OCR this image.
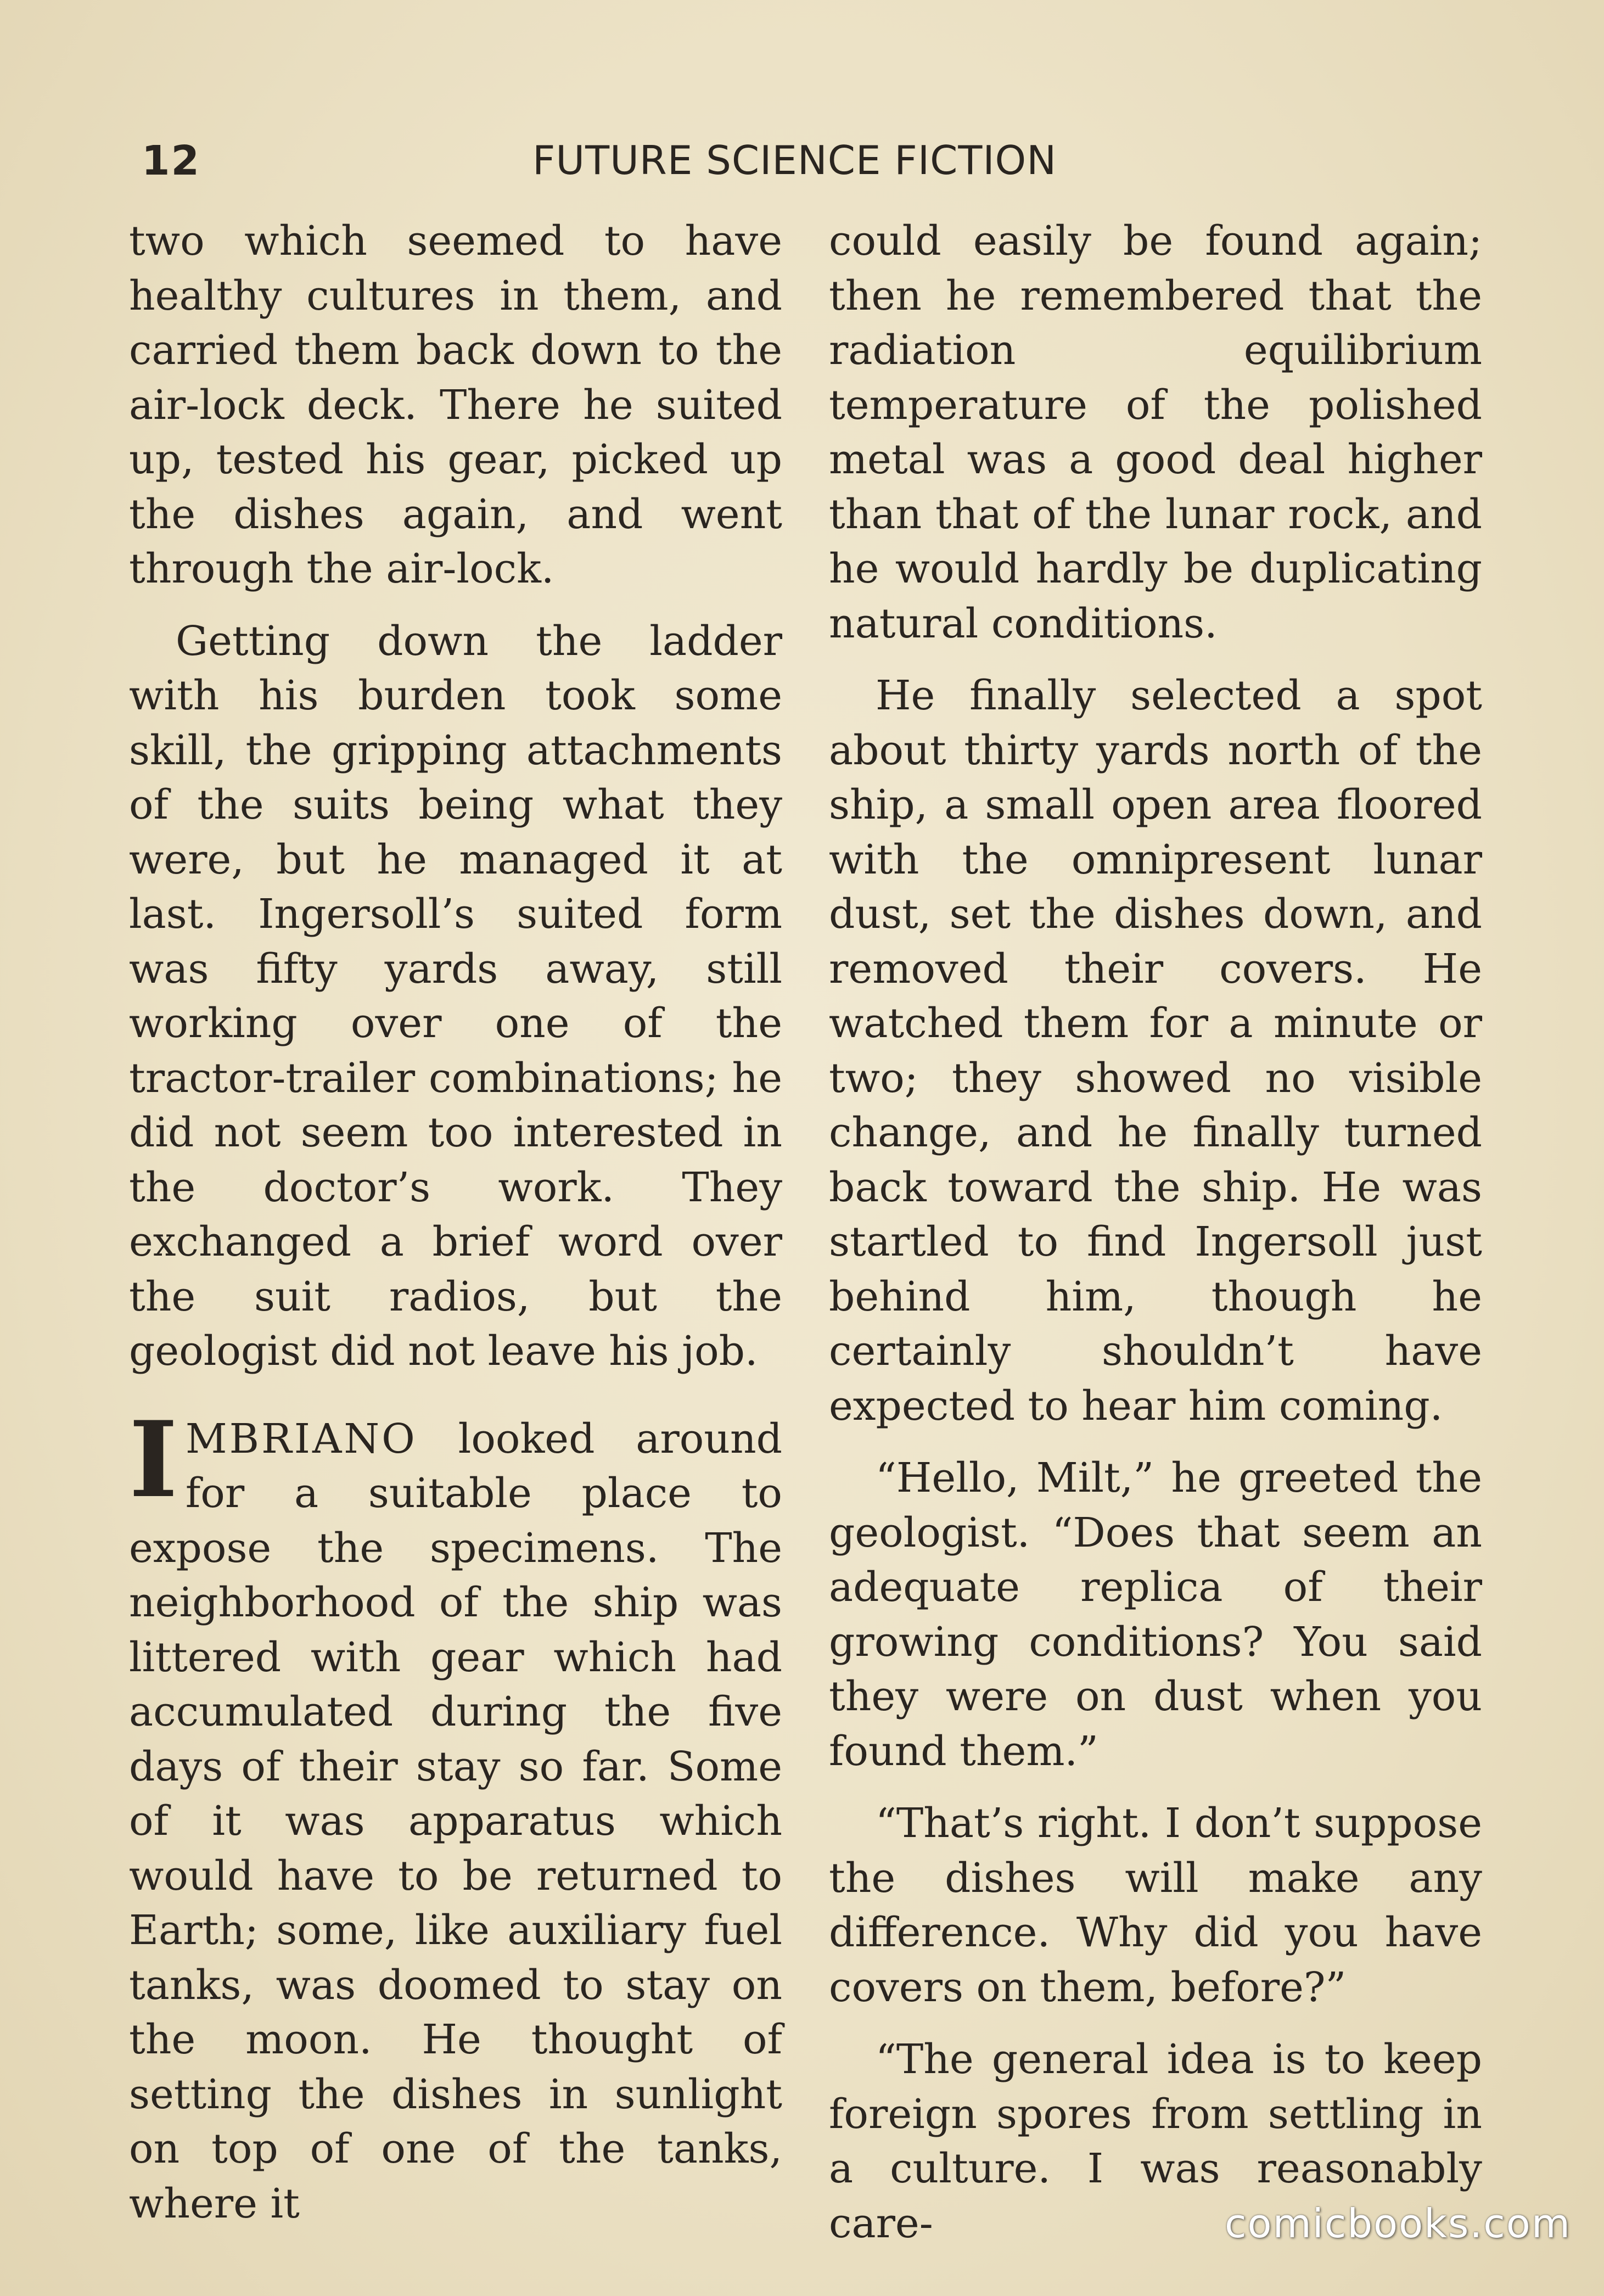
12	FUTURE SCIENCE FICTION

two which seemed to have healthy cultures in them, and carried them back down to the air-lock deck. There he suited up, tested his gear, picked up the dishes again, and went through the air-lock.

Getting down the ladder with his burden took some skill, the gripping attachments of the suits being what they were, but he managed it at last. Ingersoll’s suited form was fifty yards away, still working over one of the tractor-trailer combinations; he did not seem too interested in the doctor’s work. They exchanged a brief word over the suit radios, but the geologist did not leave his job.

IMBRIANO looked around for a suitable place to expose the specimens. The neighborhood of the ship was littered with gear which had accumulated during the five days of their stay so far. Some of it was apparatus which would have to be returned to Earth; some, like auxiliary fuel tanks, was doomed to stay on the moon. He thought of setting the dishes in sunlight on top of one of the tanks, where it

could easily be found again; then he remembered that the radiation equilibrium temperature of the polished metal was a good deal higher than that of the lunar rock, and he would hardly be duplicating natural conditions.

He finally selected a spot about thirty yards north of the ship, a small open area floored with the omnipresent lunar dust, set the dishes down, and removed their covers. He watched them for a minute or two; they showed no visible change, and he finally turned back toward the ship. He was startled to find Ingersoll just behind him, though he certainly shouldn’t have expected to hear him coming.

“Hello, Milt,” he greeted the geologist. “Does that seem an adequate replica of their growing conditions? You said they were on dust when you found them.”

“That’s right. I don’t suppose the dishes will make any difference. Why did you have covers on them, before?”

“The general idea is to keep foreign spores from settling in a culture. I was reasonably care-	comicbooks.com
